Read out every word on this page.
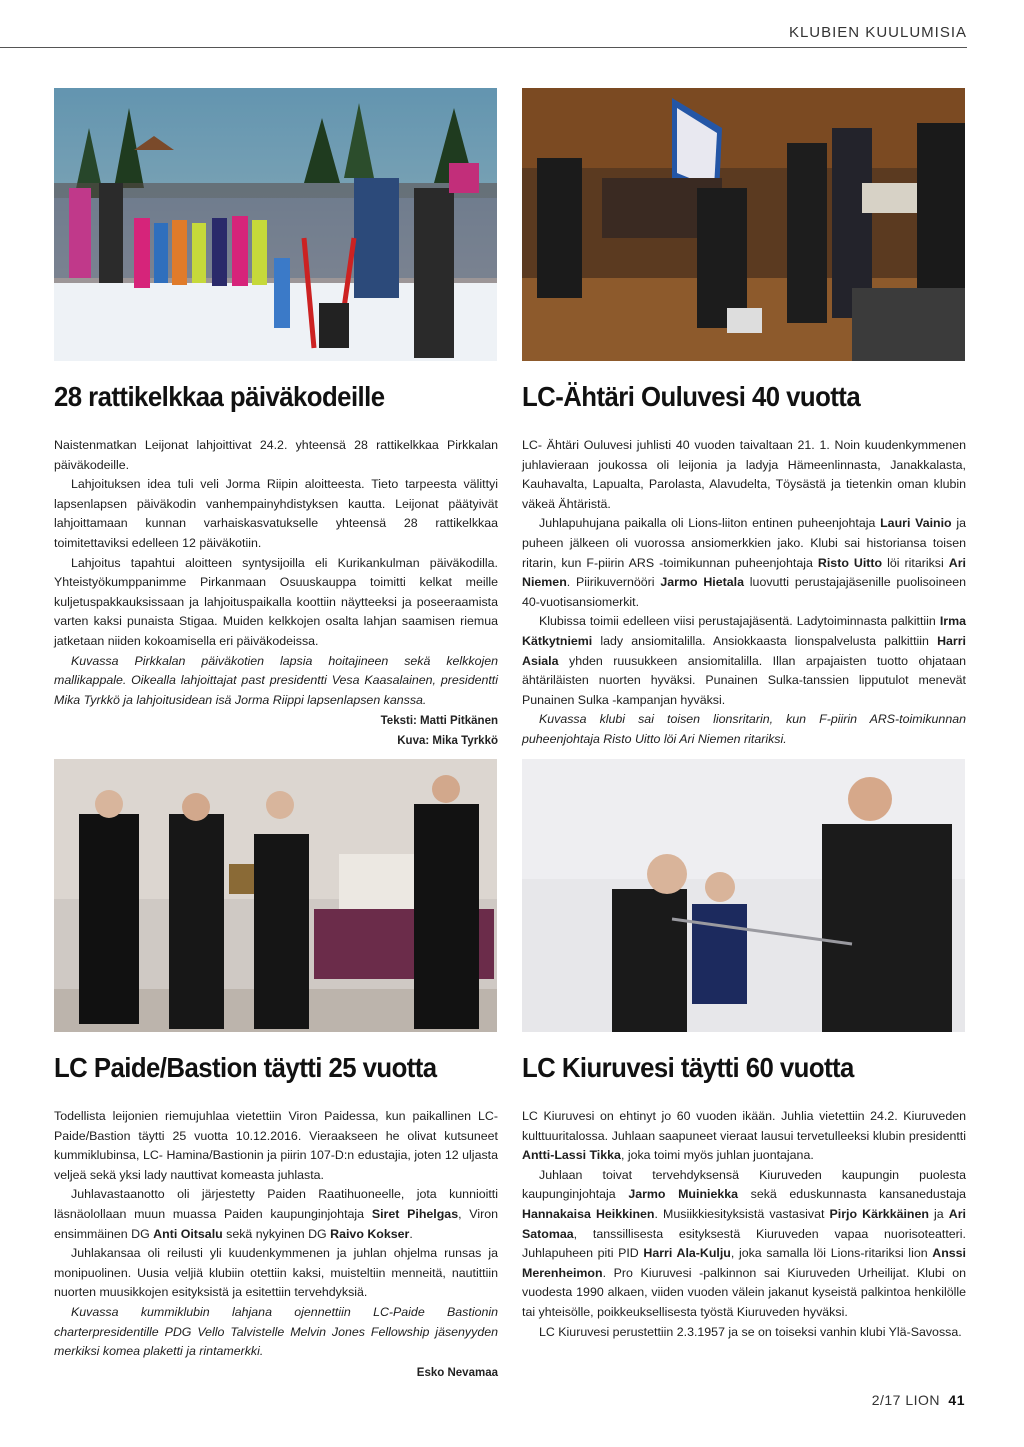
KLUBIEN KUULUMISIA
28 rattikelkkaa päiväkodeille

Naistenmatkan Leijonat lahjoittivat 24.2. yhteensä 28 rattikelkkaa Pirkkalan päiväkodeille.

Lahjoituksen idea tuli veli Jorma Riipin aloitteesta. Tieto tarpeesta välittyi lapsenlapsen päiväkodin vanhempainyhdistyksen kautta. Leijonat päätyivät lahjoittamaan kunnan varhaiskasvatukselle yhteensä 28 rattikelkkaa toimitettaviksi edelleen 12 päiväkotiin.

Lahjoitus tapahtui aloitteen syntysijoilla eli Kurikankulman päiväkodilla. Yhteistyökumppanimme Pirkanmaan Osuuskauppa toimitti kelkat meille kuljetuspakkauksissaan ja lahjoituspaikalla koottiin näytteeksi ja poseeraamista varten kaksi punaista Stigaa. Muiden kelkkojen osalta lahjan saamisen riemua jatketaan niiden kokoamisella eri päiväkodeissa.

Kuvassa Pirkkalan päiväkotien lapsia hoitajineen sekä kelkkojen mallikappale. Oikealla lahjoittajat past presidentti Vesa Kaasalainen, presidentti Mika Tyrkkö ja lahjoitusidean isä Jorma Riippi lapsenlapsen kanssa.

Teksti: Matti Pitkänen
Kuva: Mika Tyrkkö
LC-Ähtäri Ouluvesi 40 vuotta

LC- Ähtäri Ouluvesi juhlisti 40 vuoden taivaltaan 21. 1. Noin kuudenkymmenen juhlavieraan joukossa oli leijonia ja ladyja Hämeenlinnasta, Janakkalasta, Kauhavalta, Lapualta, Parolasta, Alavudelta, Töysästä ja tietenkin oman klubin väkeä Ähtäristä.

Juhlapuhujana paikalla oli Lions-liiton entinen puheenjohtaja Lauri Vainio ja puheen jälkeen oli vuorossa ansiomerkkien jako. Klubi sai historiansa toisen ritarin, kun F-piirin ARS -toimikunnan puheenjohtaja Risto Uitto löi ritariksi Ari Niemen. Piirikuvernööri Jarmo Hietala luovutti perustajajäsenille puolisoineen 40-vuotisansiomerkit.

Klubissa toimii edelleen viisi perustajajäsentä. Ladytoiminnasta palkittiin Irma Kätkytniemi lady ansiomitalilla. Ansiokkaasta lionspalvelusta palkittiin Harri Asiala yhden ruusukkeen ansiomitalilla. Illan arpajaisten tuotto ohjataan ähtäriläisten nuorten hyväksi. Punainen Sulka-tanssien lipputulot menevät Punainen Sulka -kampanjan hyväksi.

Kuvassa klubi sai toisen lionsritarin, kun F-piirin ARS-toimikunnan puheenjohtaja Risto Uitto löi Ari Niemen ritariksi.

LC Paide/Bastion täytti 25 vuotta

Todellista leijonien riemujuhlaa vietettiin Viron Paidessa, kun paikallinen LC-Paide/Bastion täytti 25 vuotta 10.12.2016. Vieraakseen he olivat kutsuneet kummiklubinsa, LC- Hamina/Bastionin ja piirin 107-D:n edustajia, joten 12 uljasta veljeä sekä yksi lady nauttivat komeasta juhlasta.

Juhlavastaanotto oli järjestetty Paiden Raatihuoneelle, jota kunnioitti läsnäolollaan muun muassa Paiden kaupunginjohtaja Siret Pihelgas, Viron ensimmäinen DG Anti Oitsalu sekä nykyinen DG Raivo Kokser.

Juhlakansaa oli reilusti yli kuudenkymmenen ja juhlan ohjelma runsas ja monipuolinen. Uusia veljiä klubiin otettiin kaksi, muisteltiin menneitä, nautittiin nuorten muusikkojen esityksistä ja esitettiin tervehdyksiä.

Kuvassa kummiklubin lahjana ojennettiin LC-Paide Bastionin charterpresidentille PDG Vello Talvistelle Melvin Jones Fellowship jäsenyyden merkiksi komea plaketti ja rintamerkki.

Esko Nevamaa
LC Kiuruvesi täytti 60 vuotta

LC Kiuruvesi on ehtinyt jo 60 vuoden ikään. Juhlia vietettiin 24.2. Kiuruveden kulttuuritalossa. Juhlaan saapuneet vieraat lausui tervetulleeksi klubin presidentti Antti-Lassi Tikka, joka toimi myös juhlan juontajana.

Juhlaan toivat tervehdyksensä Kiuruveden kaupungin puolesta kaupunginjohtaja Jarmo Muiniekka sekä eduskunnasta kansanedustaja Hannakaisa Heikkinen. Musiikkiesityksistä vastasivat Pirjo Kärkkäinen ja Ari Satomaa, tanssillisesta esityksestä Kiuruveden vapaa nuorisoteatteri. Juhlapuheen piti PID Harri Ala-Kulju, joka samalla löi Lions-ritariksi lion Anssi Merenheimon. Pro Kiuruvesi -palkinnon sai Kiuruveden Urheilijat. Klubi on vuodesta 1990 alkaen, viiden vuoden välein jakanut kyseistä palkintoa henkilölle tai yhteisölle, poikkeuksellisesta työstä Kiuruveden hyväksi.

LC Kiuruvesi perustettiin 2.3.1957 ja se on toiseksi vanhin klubi Ylä-Savossa.

2/17 LION 41
